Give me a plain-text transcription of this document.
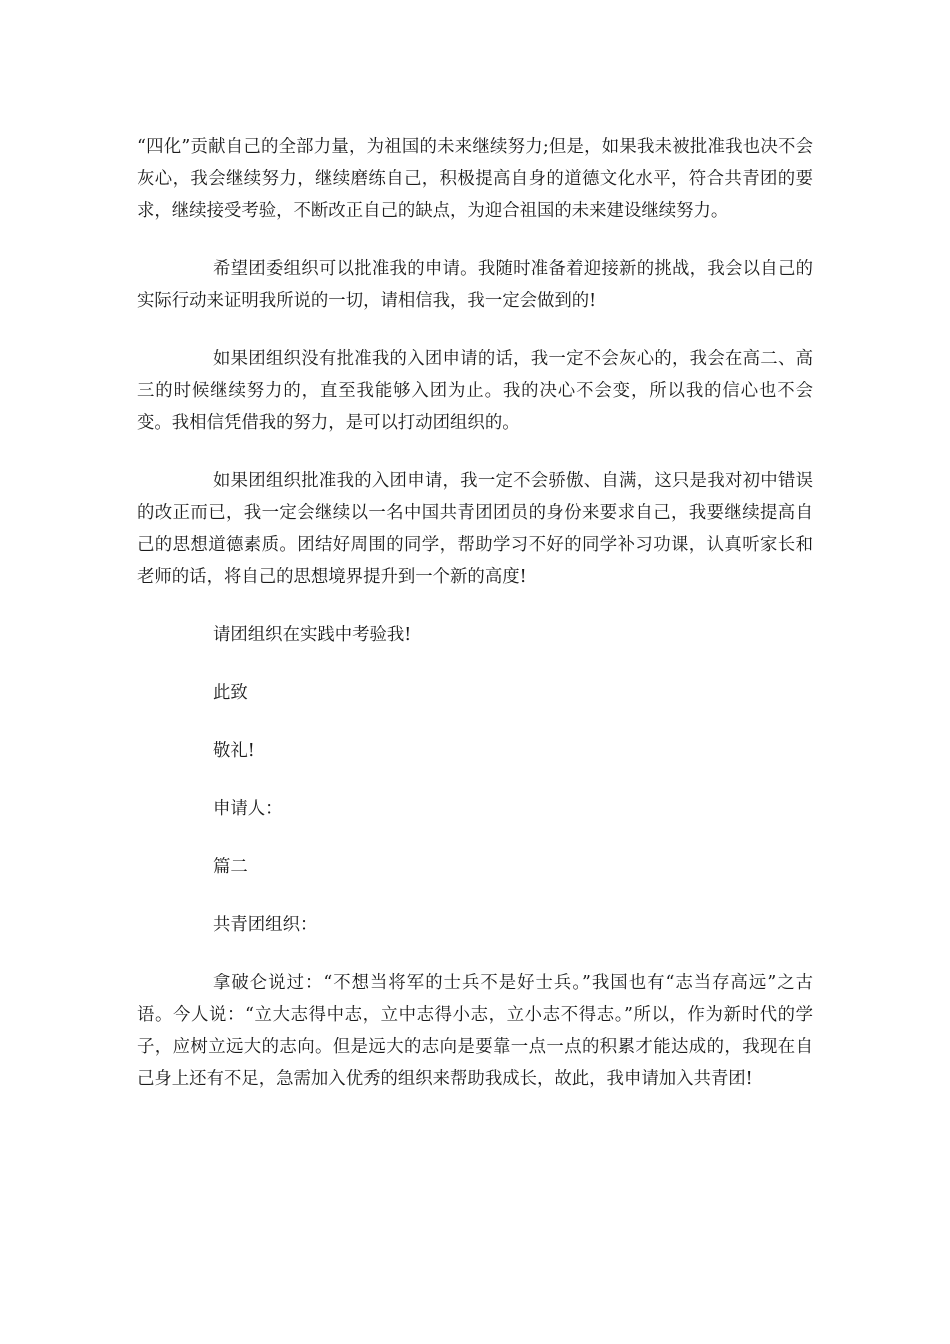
“四化”贡献自己的全部力量，为祖国的未来继续努力;但是，如果我未被批准我也决不会灰心，我会继续努力，继续磨练自己，积极提高自身的道德文化水平，符合共青团的要求，继续接受考验，不断改正自己的缺点，为迎合祖国的未来建设继续努力。

希望团委组织可以批准我的申请。我随时准备着迎接新的挑战，我会以自己的实际行动来证明我所说的一切，请相信我，我一定会做到的!

如果团组织没有批准我的入团申请的话，我一定不会灰心的，我会在高二、高三的时候继续努力的，直至我能够入团为止。我的决心不会变，所以我的信心也不会变。我相信凭借我的努力，是可以打动团组织的。

如果团组织批准我的入团申请，我一定不会骄傲、自满，这只是我对初中错误的改正而已，我一定会继续以一名中国共青团团员的身份来要求自己，我要继续提高自己的思想道德素质。团结好周围的同学，帮助学习不好的同学补习功课，认真听家长和老师的话，将自己的思想境界提升到一个新的高度!

请团组织在实践中考验我!

此致

敬礼!

申请人：

篇二

共青团组织：

拿破仑说过：“不想当将军的士兵不是好士兵。”我国也有“志当存高远”之古语。今人说：“立大志得中志，立中志得小志，立小志不得志。”所以，作为新时代的学子，应树立远大的志向。但是远大的志向是要靠一点一点的积累才能达成的，我现在自己身上还有不足，急需加入优秀的组织来帮助我成长，故此，我申请加入共青团!
